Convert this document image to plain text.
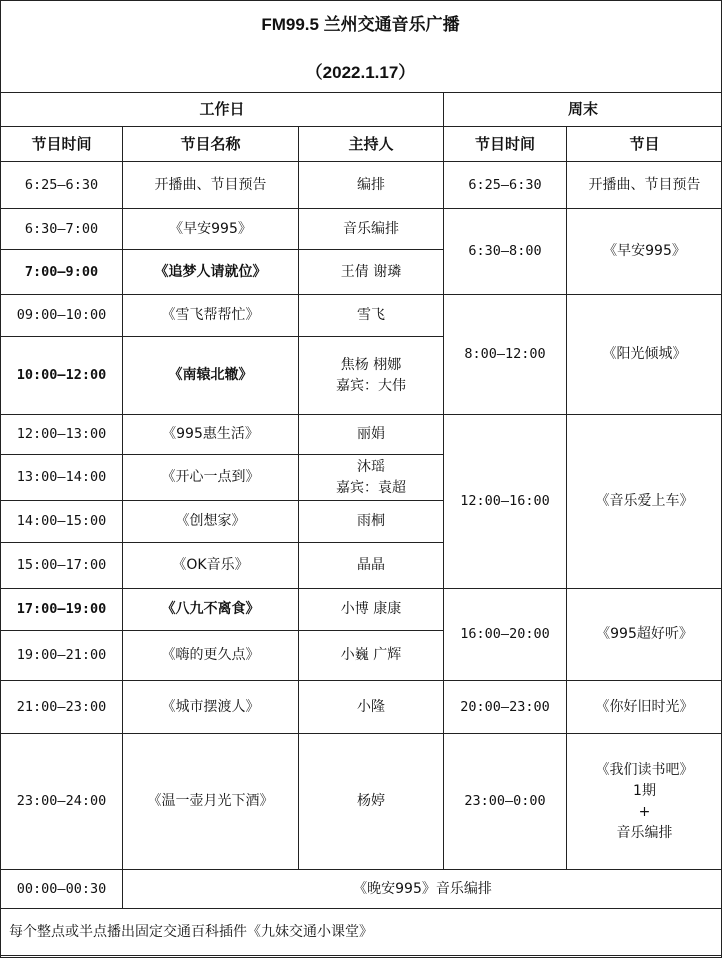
FM99.5 兰州交通音乐广播
（2022.1.17）
工作日			周末	
节目时间	节目名称	主持人	节目时间	节目
6:25—6:30	开播曲、节目预告	编排	6:25—6:30	开播曲、节目预告
6:30—7:00	《早安995》	音乐编排	6:30—8:00	《早安995》
7:00—9:00	《追梦人请就位》	王倩 谢璘		
09:00—10:00	《雪飞帮帮忙》	雪飞	8:00—12:00	《阳光倾城》
10:00—12:00	《南辕北辙》	焦杨 栩娜
嘉宾：大伟		

12:00—13:00	《995惠生活》	丽娟	12:00—16:00	《音乐爱上车》
13:00—14:00	《开心一点到》	沐瑶
嘉宾：袁超		

14:00—15:00	《创想家》	雨桐		
15:00—17:00	《OK音乐》	晶晶		
17:00—19:00	《八九不离食》	小博 康康	16:00—20:00	《995超好听》
19:00—21:00	《嗨的更久点》	小巍 广辉		
21:00—23:00	《城市摆渡人》	小隆	20:00—23:00	《你好旧时光》
23:00—24:00	《温一壶月光下酒》	杨婷	23:00—0:00	《我们读书吧》
1期
+
音乐编排

00:00—00:30	《晚安995》音乐编排			
每个整点或半点播出固定交通百科插件《九妹交通小课堂》				
